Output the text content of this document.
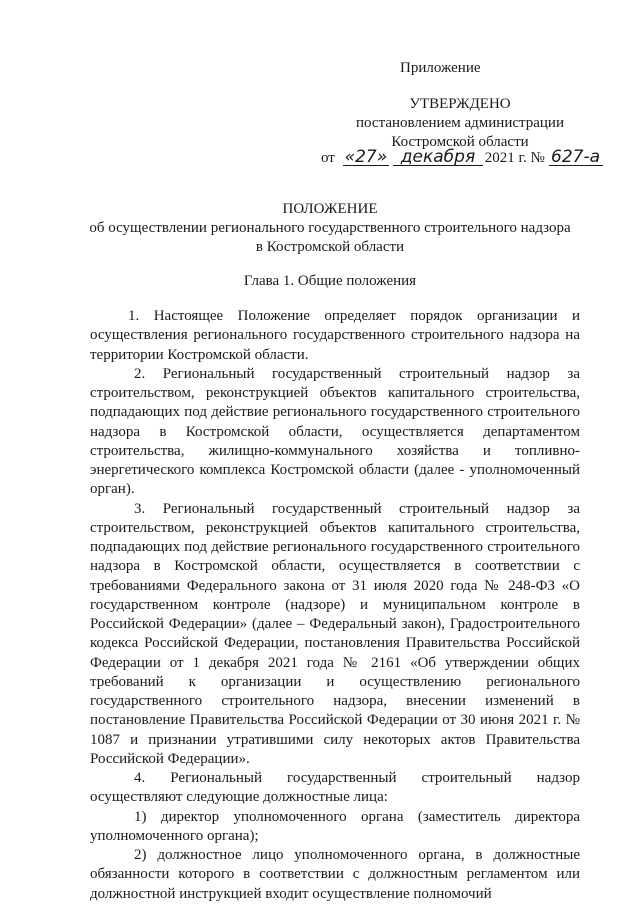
Приложение
УТВЕРЖДЕНО
постановлением администрации
Костромской области
от «27» декабря 2021 г. № 627-а
ПОЛОЖЕНИЕ
об осуществлении регионального государственного строительного надзора
в Костромской области
Глава 1. Общие положения

1. Настоящее Положение определяет порядок организации и осуществления регионального государственного строительного надзора на территории Костромской области.

2. Региональный государственный строительный надзор за строительством, реконструкцией объектов капитального строительства, подпадающих под действие регионального государственного строительного надзора в Костромской области, осуществляется департаментом строительства, жилищно-коммунального хозяйства и топливно-энергетического комплекса Костромской области (далее - уполномоченный орган).

3. Региональный государственный строительный надзор за строительством, реконструкцией объектов капитального строительства, подпадающих под действие регионального государственного строительного надзора в Костромской области, осуществляется в соответствии с требованиями Федерального закона от 31 июля 2020 года № 248-ФЗ «О государственном контроле (надзоре) и муниципальном контроле в Российской Федерации» (далее – Федеральный закон), Градостроительного кодекса Российской Федерации, постановления Правительства Российской Федерации от 1 декабря 2021 года № 2161 «Об утверждении общих требований к организации и осуществлению регионального государственного строительного надзора, внесении изменений в постановление Правительства Российской Федерации от 30 июня 2021 г. № 1087 и признании утратившими силу некоторых актов Правительства Российской Федерации».

4. Региональный государственный строительный надзор осуществляют следующие должностные лица:

1) директор уполномоченного органа (заместитель директора уполномоченного органа);

2) должностное лицо уполномоченного органа, в должностные обязанности которого в соответствии с должностным регламентом или должностной инструкцией входит осуществление полномочий
